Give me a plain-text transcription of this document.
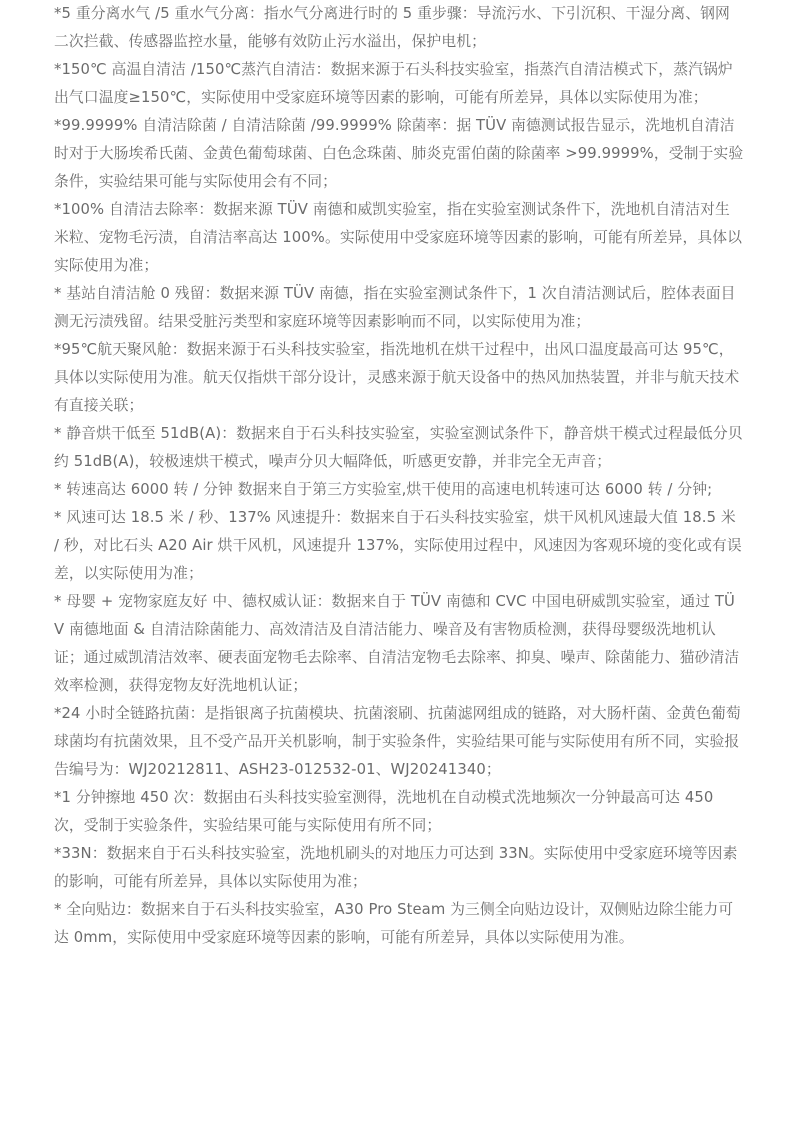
*5 重分离水气 /5 重水气分离：指水气分离进行时的 5 重步骤：导流污水、下引沉积、干湿分离、钢网二次拦截、传感器监控水量，能够有效防止污水溢出，保护电机；

*150℃ 高温自清洁 /150℃蒸汽自清洁：数据来源于石头科技实验室，指蒸汽自清洁模式下，蒸汽锅炉出气口温度≥150℃，实际使用中受家庭环境等因素的影响，可能有所差异，具体以实际使用为准；

*99.9999% 自清洁除菌 / 自清洁除菌 /99.9999% 除菌率：据 TÜV 南德测试报告显示，洗地机自清洁时对于大肠埃希氏菌、金黄色葡萄球菌、白色念珠菌、肺炎克雷伯菌的除菌率 >99.9999%，受制于实验条件，实验结果可能与实际使用会有不同；

*100% 自清洁去除率：数据来源 TÜV 南德和威凯实验室，指在实验室测试条件下，洗地机自清洁对生米粒、宠物毛污渍，自清洁率高达 100%。实际使用中受家庭环境等因素的影响，可能有所差异，具体以实际使用为准；

* 基站自清洁舱 0 残留：数据来源 TÜV 南德，指在实验室测试条件下，1 次自清洁测试后，腔体表面目测无污渍残留。结果受脏污类型和家庭环境等因素影响而不同，以实际使用为准；

*95℃航天聚风舱：数据来源于石头科技实验室，指洗地机在烘干过程中，出风口温度最高可达 95℃，具体以实际使用为准。航天仅指烘干部分设计，灵感来源于航天设备中的热风加热装置，并非与航天技术有直接关联；

* 静音烘干低至 51dB(A)：数据来自于石头科技实验室，实验室测试条件下，静音烘干模式过程最低分贝约 51dB(A)，较极速烘干模式，噪声分贝大幅降低，听感更安静，并非完全无声音；

* 转速高达 6000 转 / 分钟 数据来自于第三方实验室,烘干使用的高速电机转速可达 6000 转 / 分钟;

* 风速可达 18.5 米 / 秒、137% 风速提升：数据来自于石头科技实验室，烘干风机风速最大值 18.5 米 / 秒，对比石头 A20 Air 烘干风机，风速提升 137%，实际使用过程中，风速因为客观环境的变化或有误差，以实际使用为准；

* 母婴 + 宠物家庭友好 中、德权威认证：数据来自于 TÜV 南德和 CVC 中国电研威凯实验室，通过 TÜV 南德地面 & 自清洁除菌能力、高效清洁及自清洁能力、噪音及有害物质检测，获得母婴级洗地机认证；通过威凯清洁效率、硬表面宠物毛去除率、自清洁宠物毛去除率、抑臭、噪声、除菌能力、猫砂清洁效率检测，获得宠物友好洗地机认证；

*24 小时全链路抗菌：是指银离子抗菌模块、抗菌滚刷、抗菌滤网组成的链路，对大肠杆菌、金黄色葡萄球菌均有抗菌效果，且不受产品开关机影响，制于实验条件，实验结果可能与实际使用有所不同，实验报告编号为：WJ20212811、ASH23-012532-01、WJ20241340；

*1 分钟擦地 450 次：数据由石头科技实验室测得，洗地机在自动模式洗地频次一分钟最高可达 450 次，受制于实验条件，实验结果可能与实际使用有所不同；

*33N：数据来自于石头科技实验室，洗地机刷头的对地压力可达到 33N。实际使用中受家庭环境等因素的影响，可能有所差异，具体以实际使用为准；

* 全向贴边：数据来自于石头科技实验室，A30 Pro Steam 为三侧全向贴边设计，双侧贴边除尘能力可达 0mm，实际使用中受家庭环境等因素的影响，可能有所差异，具体以实际使用为准。
